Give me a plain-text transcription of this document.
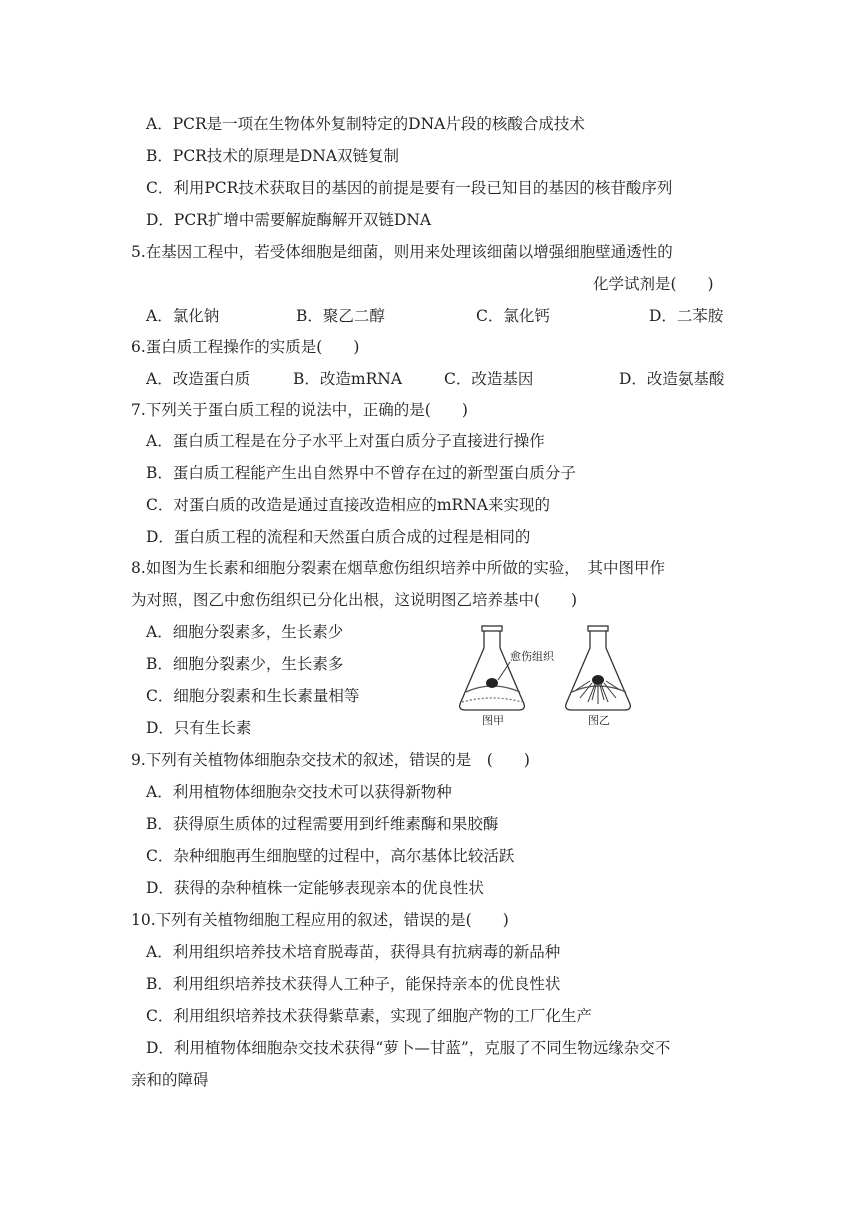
A．PCR是一项在生物体外复制特定的DNA片段的核酸合成技术
B．PCR技术的原理是DNA双链复制
C．利用PCR技术获取目的基因的前提是要有一段已知目的基因的核苷酸序列
D．PCR扩增中需要解旋酶解开双链DNA
5.在基因工程中，若受体细胞是细菌，则用来处理该细菌以增强细胞壁通透性的
化学试剂是(　　)
A．氯化钠	B．聚乙二醇	C．氯化钙	D．二苯胺
6.蛋白质工程操作的实质是(　　)
A．改造蛋白质	B．改造mRNA	C．改造基因	D．改造氨基酸
7.下列关于蛋白质工程的说法中，正确的是(　　)
A．蛋白质工程是在分子水平上对蛋白质分子直接进行操作
B．蛋白质工程能产生出自然界中不曾存在过的新型蛋白质分子
C．对蛋白质的改造是通过直接改造相应的mRNA来实现的
D．蛋白质工程的流程和天然蛋白质合成的过程是相同的
8.如图为生长素和细胞分裂素在烟草愈伤组织培养中所做的实验，　其中图甲作
为对照，图乙中愈伤组织已分化出根，这说明图乙培养基中(　　)
A．细胞分裂素多，生长素少
B．细胞分裂素少，生长素多
C．细胞分裂素和生长素量相等
D．只有生长素
愈伤组织
图甲	图乙
9.下列有关植物体细胞杂交技术的叙述，错误的是　(　　)
A．利用植物体细胞杂交技术可以获得新物种
B．获得原生质体的过程需要用到纤维素酶和果胶酶
C．杂种细胞再生细胞壁的过程中，高尔基体比较活跃
D．获得的杂种植株一定能够表现亲本的优良性状
10.下列有关植物细胞工程应用的叙述，错误的是(　　)
A．利用组织培养技术培育脱毒苗，获得具有抗病毒的新品种
B．利用组织培养技术获得人工种子，能保持亲本的优良性状
C．利用组织培养技术获得紫草素，实现了细胞产物的工厂化生产
D．利用植物体细胞杂交技术获得“萝卜—甘蓝”，克服了不同生物远缘杂交不
亲和的障碍
